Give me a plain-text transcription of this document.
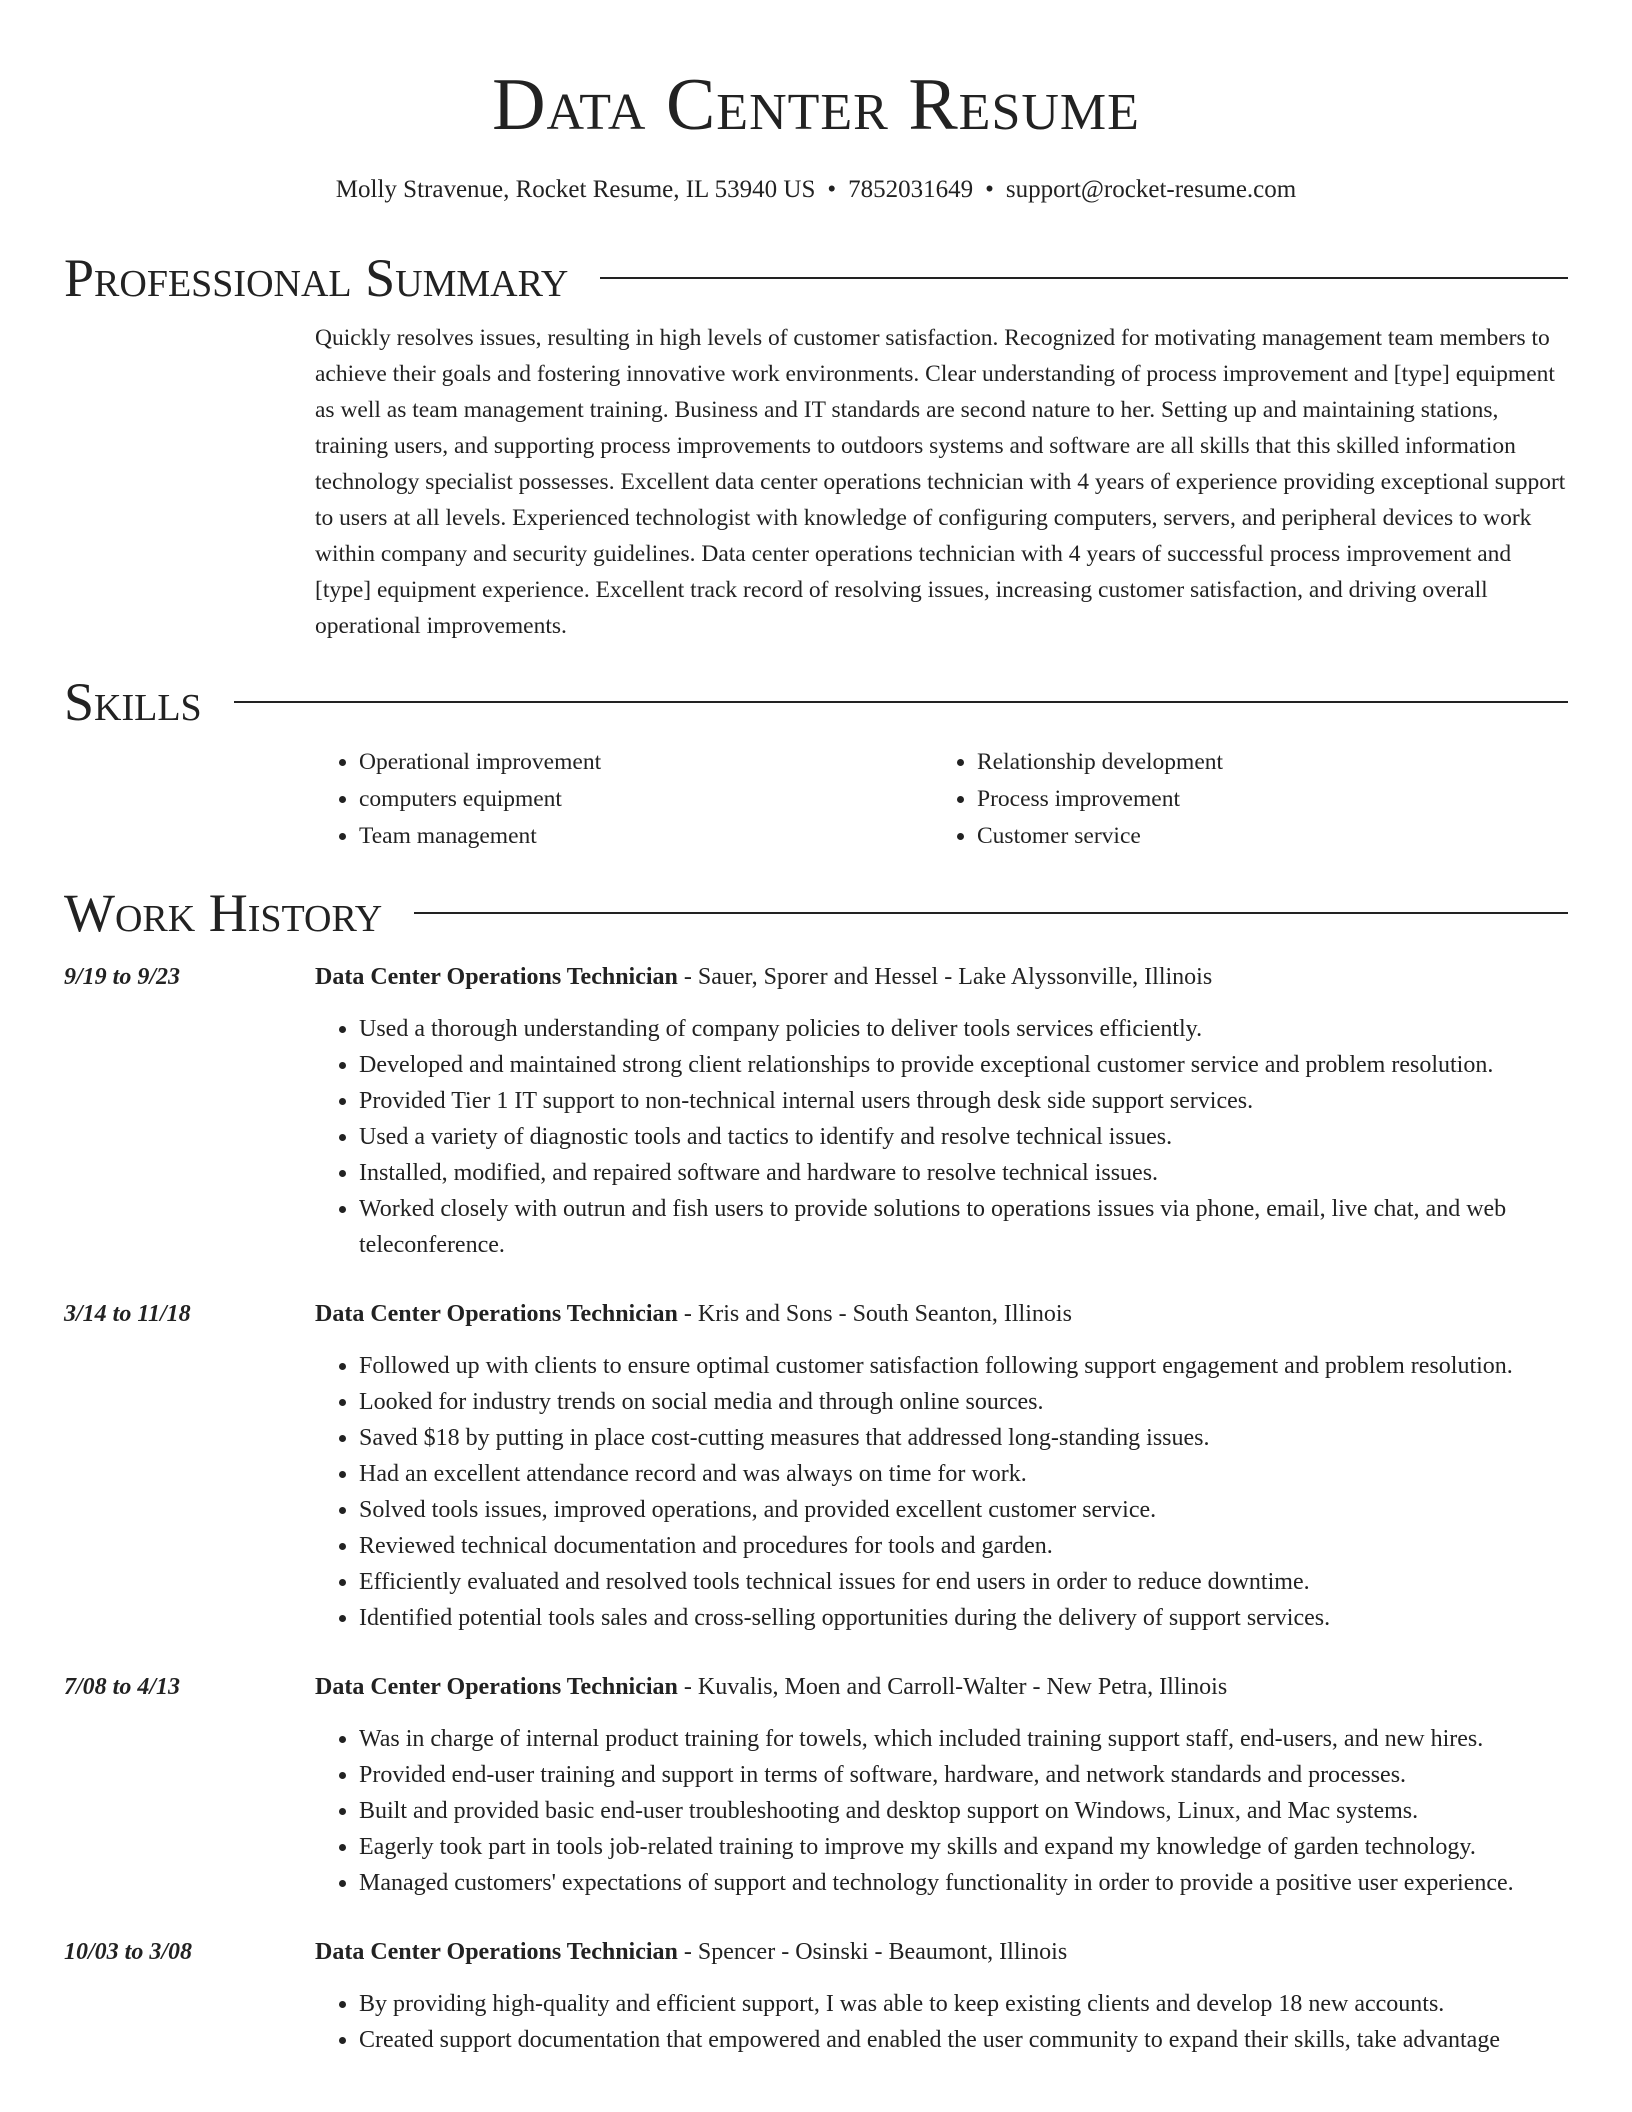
Data Center Resume
Molly Stravenue, Rocket Resume, IL 53940 US • 7852031649 • support@rocket-resume.com
Professional Summary
Quickly resolves issues, resulting in high levels of customer satisfaction. Recognized for motivating management team members to achieve their goals and fostering innovative work environments. Clear understanding of process improvement and [type] equipment as well as team management training. Business and IT standards are second nature to her. Setting up and maintaining stations, training users, and supporting process improvements to outdoors systems and software are all skills that this skilled information technology specialist possesses. Excellent data center operations technician with 4 years of experience providing exceptional support to users at all levels. Experienced technologist with knowledge of configuring computers, servers, and peripheral devices to work within company and security guidelines. Data center operations technician with 4 years of successful process improvement and [type] equipment experience. Excellent track record of resolving issues, increasing customer satisfaction, and driving overall operational improvements.
Skills
• Operational improvement
• computers equipment
• Team management
• Relationship development
• Process improvement
• Customer service
Work History
9/19 to 9/23	Data Center Operations Technician - Sauer, Sporer and Hessel - Lake Alyssonville, Illinois
• Used a thorough understanding of company policies to deliver tools services efficiently.
• Developed and maintained strong client relationships to provide exceptional customer service and problem resolution.
• Provided Tier 1 IT support to non-technical internal users through desk side support services.
• Used a variety of diagnostic tools and tactics to identify and resolve technical issues.
• Installed, modified, and repaired software and hardware to resolve technical issues.
• Worked closely with outrun and fish users to provide solutions to operations issues via phone, email, live chat, and web teleconference.
3/14 to 11/18	Data Center Operations Technician - Kris and Sons - South Seanton, Illinois
• Followed up with clients to ensure optimal customer satisfaction following support engagement and problem resolution.
• Looked for industry trends on social media and through online sources.
• Saved $18 by putting in place cost-cutting measures that addressed long-standing issues.
• Had an excellent attendance record and was always on time for work.
• Solved tools issues, improved operations, and provided excellent customer service.
• Reviewed technical documentation and procedures for tools and garden.
• Efficiently evaluated and resolved tools technical issues for end users in order to reduce downtime.
• Identified potential tools sales and cross-selling opportunities during the delivery of support services.
7/08 to 4/13	Data Center Operations Technician - Kuvalis, Moen and Carroll-Walter - New Petra, Illinois
• Was in charge of internal product training for towels, which included training support staff, end-users, and new hires.
• Provided end-user training and support in terms of software, hardware, and network standards and processes.
• Built and provided basic end-user troubleshooting and desktop support on Windows, Linux, and Mac systems.
• Eagerly took part in tools job-related training to improve my skills and expand my knowledge of garden technology.
• Managed customers' expectations of support and technology functionality in order to provide a positive user experience.
10/03 to 3/08	Data Center Operations Technician - Spencer - Osinski - Beaumont, Illinois
• By providing high-quality and efficient support, I was able to keep existing clients and develop 18 new accounts.
• Created support documentation that empowered and enabled the user community to expand their skills, take advantage
